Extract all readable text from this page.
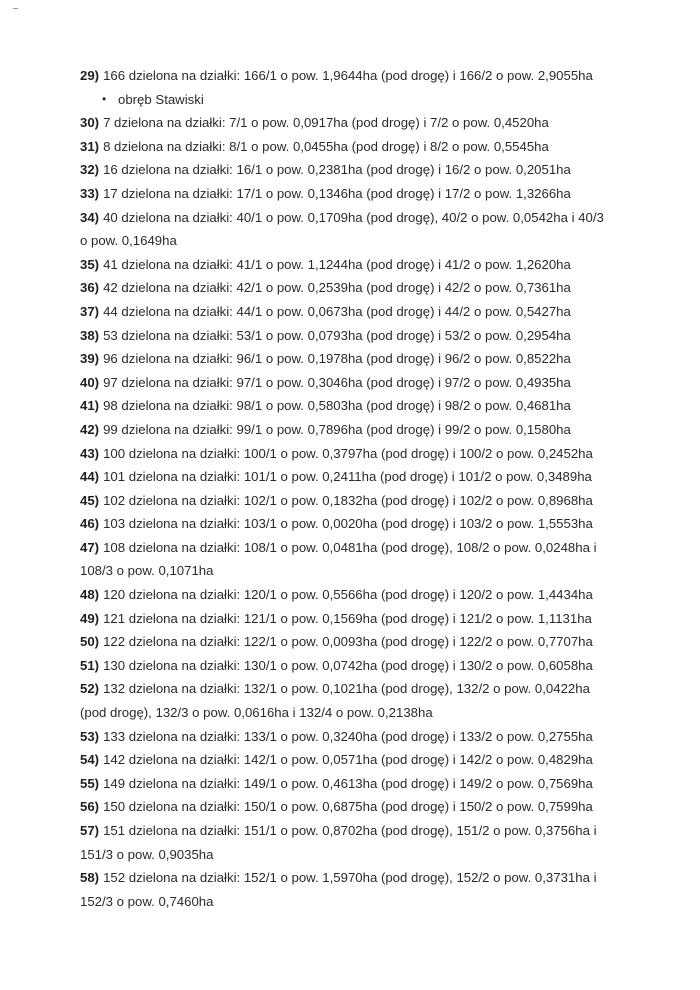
29) 166 dzielona na działki: 166/1 o pow. 1,9644ha (pod drogę) i 166/2 o pow. 2,9055ha
• obręb Stawiski
30) 7 dzielona na działki: 7/1 o pow. 0,0917ha (pod drogę) i 7/2 o pow. 0,4520ha
31) 8 dzielona na działki: 8/1 o pow. 0,0455ha (pod drogę) i 8/2 o pow. 0,5545ha
32) 16 dzielona na działki: 16/1 o pow. 0,2381ha (pod drogę) i 16/2 o pow. 0,2051ha
33) 17 dzielona na działki: 17/1 o pow. 0,1346ha (pod drogę) i 17/2 o pow. 1,3266ha
34) 40 dzielona na działki: 40/1 o pow. 0,1709ha (pod drogę), 40/2 o pow. 0,0542ha i 40/3
o pow. 0,1649ha
35) 41 dzielona na działki: 41/1 o pow. 1,1244ha (pod drogę) i 41/2 o pow. 1,2620ha
36) 42 dzielona na działki: 42/1 o pow. 0,2539ha (pod drogę) i 42/2 o pow. 0,7361ha
37) 44 dzielona na działki: 44/1 o pow. 0,0673ha (pod drogę) i 44/2 o pow. 0,5427ha
38) 53 dzielona na działki: 53/1 o pow. 0,0793ha (pod drogę) i 53/2 o pow. 0,2954ha
39) 96 dzielona na działki: 96/1 o pow. 0,1978ha (pod drogę) i 96/2 o pow. 0,8522ha
40) 97 dzielona na działki: 97/1 o pow. 0,3046ha (pod drogę) i 97/2 o pow. 0,4935ha
41) 98 dzielona na działki: 98/1 o pow. 0,5803ha (pod drogę) i 98/2 o pow. 0,4681ha
42) 99 dzielona na działki: 99/1 o pow. 0,7896ha (pod drogę) i 99/2 o pow. 0,1580ha
43) 100 dzielona na działki: 100/1 o pow. 0,3797ha (pod drogę) i 100/2 o pow. 0,2452ha
44) 101 dzielona na działki: 101/1 o pow. 0,2411ha (pod drogę) i 101/2 o pow. 0,3489ha
45) 102 dzielona na działki: 102/1 o pow. 0,1832ha (pod drogę) i 102/2 o pow. 0,8968ha
46) 103 dzielona na działki: 103/1 o pow. 0,0020ha (pod drogę) i 103/2 o pow. 1,5553ha
47) 108 dzielona na działki: 108/1 o pow. 0,0481ha (pod drogę), 108/2 o pow. 0,0248ha i
108/3 o pow. 0,1071ha
48) 120 dzielona na działki: 120/1 o pow. 0,5566ha (pod drogę) i 120/2 o pow. 1,4434ha
49) 121 dzielona na działki: 121/1 o pow. 0,1569ha (pod drogę) i 121/2 o pow. 1,1131ha
50) 122 dzielona na działki: 122/1 o pow. 0,0093ha (pod drogę) i 122/2 o pow. 0,7707ha
51) 130 dzielona na działki: 130/1 o pow. 0,0742ha (pod drogę) i 130/2 o pow. 0,6058ha
52) 132 dzielona na działki: 132/1 o pow. 0,1021ha (pod drogę), 132/2 o pow. 0,0422ha
(pod drogę), 132/3 o pow. 0,0616ha i 132/4 o pow. 0,2138ha
53) 133 dzielona na działki: 133/1 o pow. 0,3240ha (pod drogę) i 133/2 o pow. 0,2755ha
54) 142 dzielona na działki: 142/1 o pow. 0,0571ha (pod drogę) i 142/2 o pow. 0,4829ha
55) 149 dzielona na działki: 149/1 o pow. 0,4613ha (pod drogę) i 149/2 o pow. 0,7569ha
56) 150 dzielona na działki: 150/1 o pow. 0,6875ha (pod drogę) i 150/2 o pow. 0,7599ha
57) 151 dzielona na działki: 151/1 o pow. 0,8702ha (pod drogę), 151/2 o pow. 0,3756ha i
151/3 o pow. 0,9035ha
58) 152 dzielona na działki: 152/1 o pow. 1,5970ha (pod drogę), 152/2 o pow. 0,3731ha i
152/3 o pow. 0,7460ha
